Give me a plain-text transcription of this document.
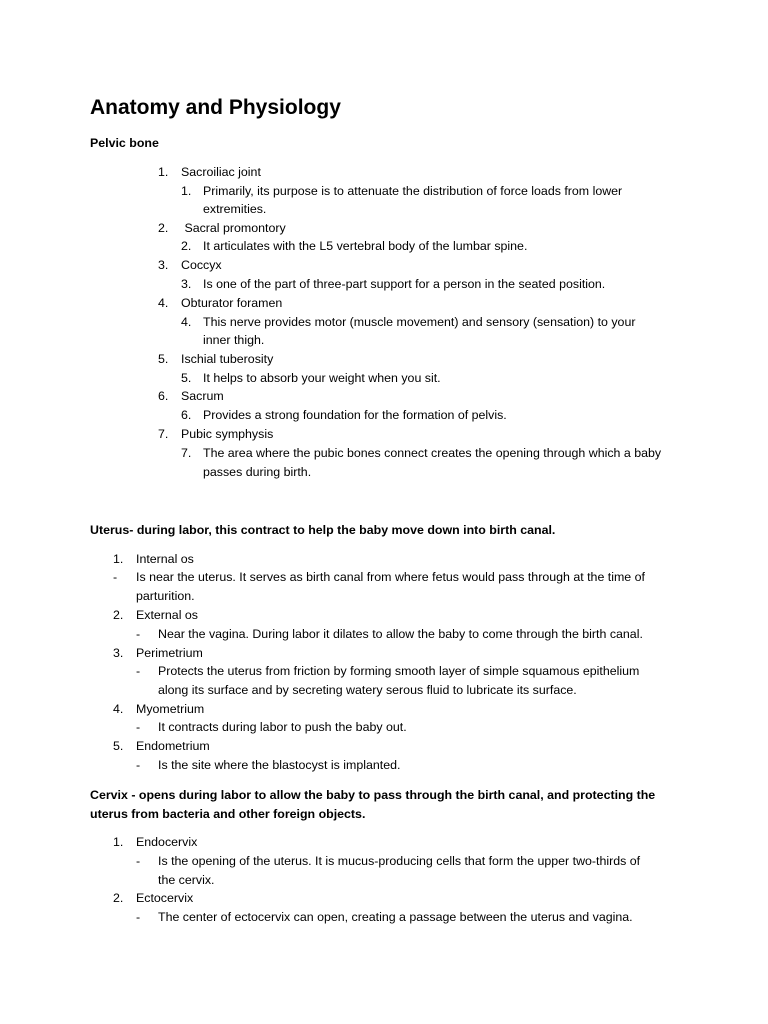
Anatomy and Physiology
Pelvic bone
1. Sacroiliac joint
1. Primarily, its purpose is to attenuate the distribution of force loads from lower
extremities.
2. Sacral promontory
2. It articulates with the L5 vertebral body of the lumbar spine.
3. Coccyx
3. Is one of the part of three-part support for a person in the seated position.
4. Obturator foramen
4. This nerve provides motor (muscle movement) and sensory (sensation) to your
inner thigh.
5. Ischial tuberosity
5. It helps to absorb your weight when you sit.
6. Sacrum
6. Provides a strong foundation for the formation of pelvis.
7. Pubic symphysis
7. The area where the pubic bones connect creates the opening through which a baby
passes during birth.
Uterus- during labor, this contract to help the baby move down into birth canal.
1. Internal os
- Is near the uterus. It serves as birth canal from where fetus would pass through at the time of
parturition.
2. External os
- Near the vagina. During labor it dilates to allow the baby to come through the birth canal.
3. Perimetrium
- Protects the uterus from friction by forming smooth layer of simple squamous epithelium
along its surface and by secreting watery serous fluid to lubricate its surface.
4. Myometrium
- It contracts during labor to push the baby out.
5. Endometrium
- Is the site where the blastocyst is implanted.
Cervix - opens during labor to allow the baby to pass through the birth canal, and protecting the
uterus from bacteria and other foreign objects.
1. Endocervix
- Is the opening of the uterus. It is mucus-producing cells that form the upper two-thirds of
the cervix.
2. Ectocervix
- The center of ectocervix can open, creating a passage between the uterus and vagina.
